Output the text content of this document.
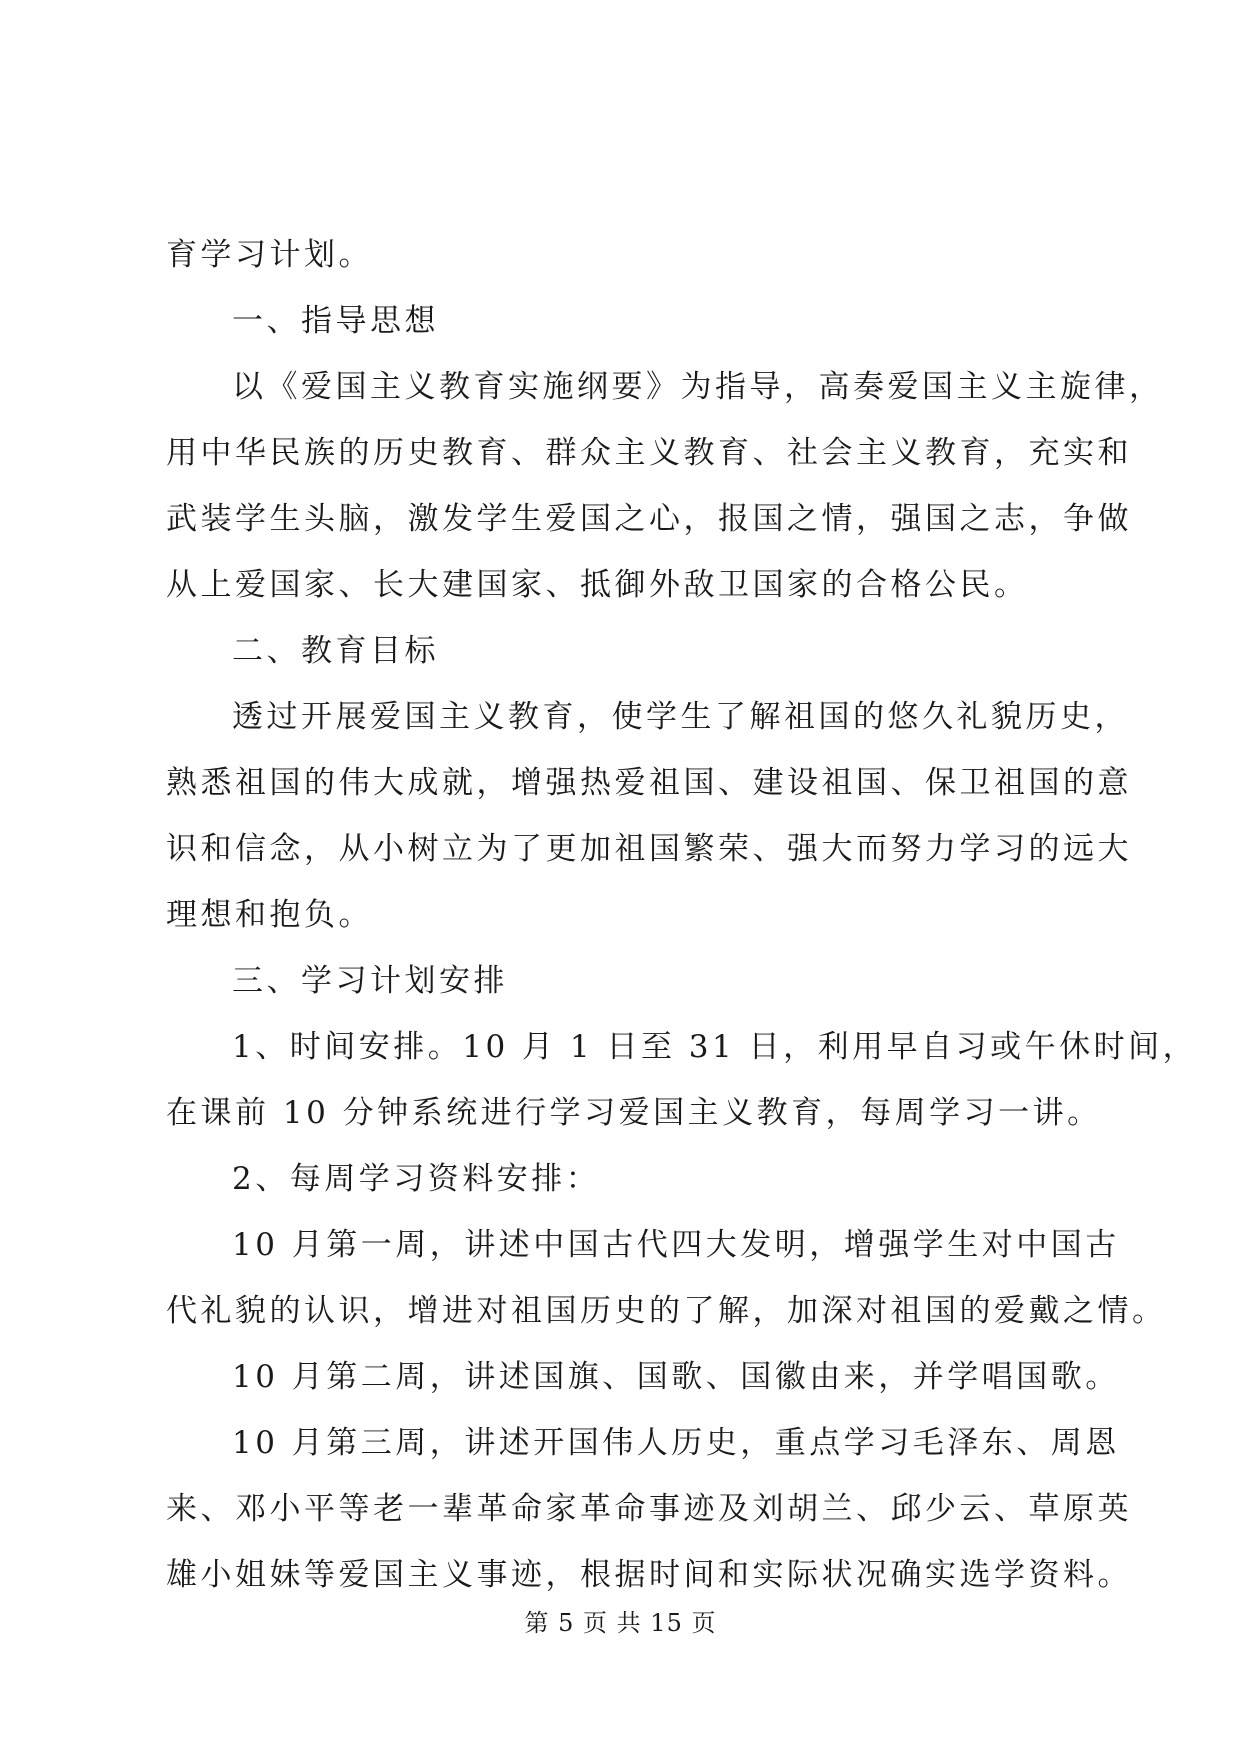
育学习计划。
一、指导思想
以《爱国主义教育实施纲要》为指导，高奏爱国主义主旋律，
用中华民族的历史教育、群众主义教育、社会主义教育，充实和
武装学生头脑，激发学生爱国之心，报国之情，强国之志，争做
从上爱国家、长大建国家、抵御外敌卫国家的合格公民。
二、教育目标
透过开展爱国主义教育，使学生了解祖国的悠久礼貌历史，
熟悉祖国的伟大成就，增强热爱祖国、建设祖国、保卫祖国的意
识和信念，从小树立为了更加祖国繁荣、强大而努力学习的远大
理想和抱负。
三、学习计划安排
1、时间安排。10 月 1 日至 31 日，利用早自习或午休时间，
在课前 10 分钟系统进行学习爱国主义教育，每周学习一讲。
2、每周学习资料安排：
10 月第一周，讲述中国古代四大发明，增强学生对中国古
代礼貌的认识，增进对祖国历史的了解，加深对祖国的爱戴之情。
10 月第二周，讲述国旗、国歌、国徽由来，并学唱国歌。
10 月第三周，讲述开国伟人历史，重点学习毛泽东、周恩
来、邓小平等老一辈革命家革命事迹及刘胡兰、邱少云、草原英
雄小姐妹等爱国主义事迹，根据时间和实际状况确实选学资料。
第 5 页 共 15 页
